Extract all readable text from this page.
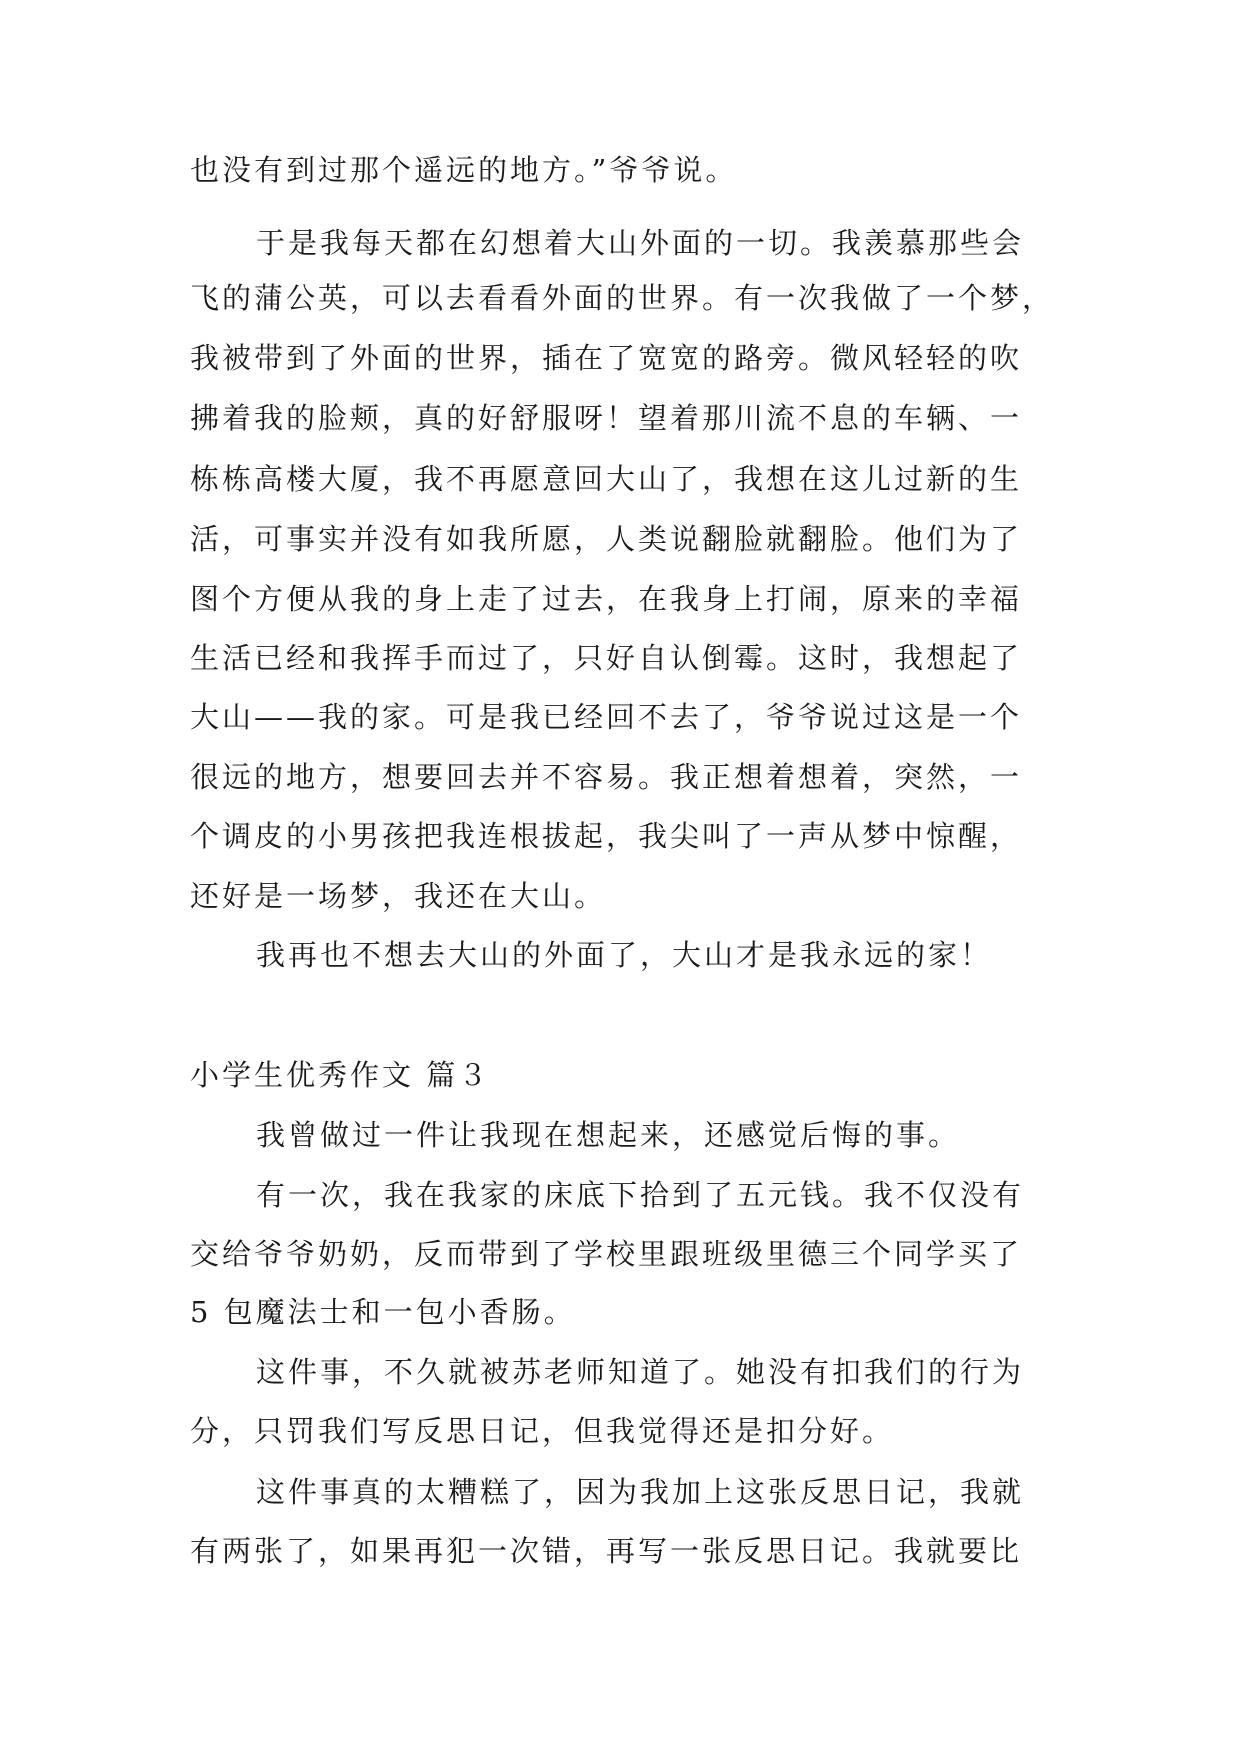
也没有到过那个遥远的地方。”爷爷说。
于是我每天都在幻想着大山外面的一切。我羡慕那些会
飞的蒲公英，可以去看看外面的世界。有一次我做了一个梦，
我被带到了外面的世界，插在了宽宽的路旁。微风轻轻的吹
拂着我的脸颊，真的好舒服呀！望着那川流不息的车辆、一
栋栋高楼大厦，我不再愿意回大山了，我想在这儿过新的生
活，可事实并没有如我所愿，人类说翻脸就翻脸。他们为了
图个方便从我的身上走了过去，在我身上打闹，原来的幸福
生活已经和我挥手而过了，只好自认倒霉。这时，我想起了
大山——我的家。可是我已经回不去了，爷爷说过这是一个
很远的地方，想要回去并不容易。我正想着想着，突然，一
个调皮的小男孩把我连根拔起，我尖叫了一声从梦中惊醒，
还好是一场梦，我还在大山。
我再也不想去大山的外面了，大山才是我永远的家！
小学生优秀作文 篇３
我曾做过一件让我现在想起来，还感觉后悔的事。
有一次，我在我家的床底下拾到了五元钱。我不仅没有
交给爷爷奶奶，反而带到了学校里跟班级里德三个同学买了
5 包魔法士和一包小香肠。
这件事，不久就被苏老师知道了。她没有扣我们的行为
分，只罚我们写反思日记，但我觉得还是扣分好。
这件事真的太糟糕了，因为我加上这张反思日记，我就
有两张了，如果再犯一次错，再写一张反思日记。我就要比
